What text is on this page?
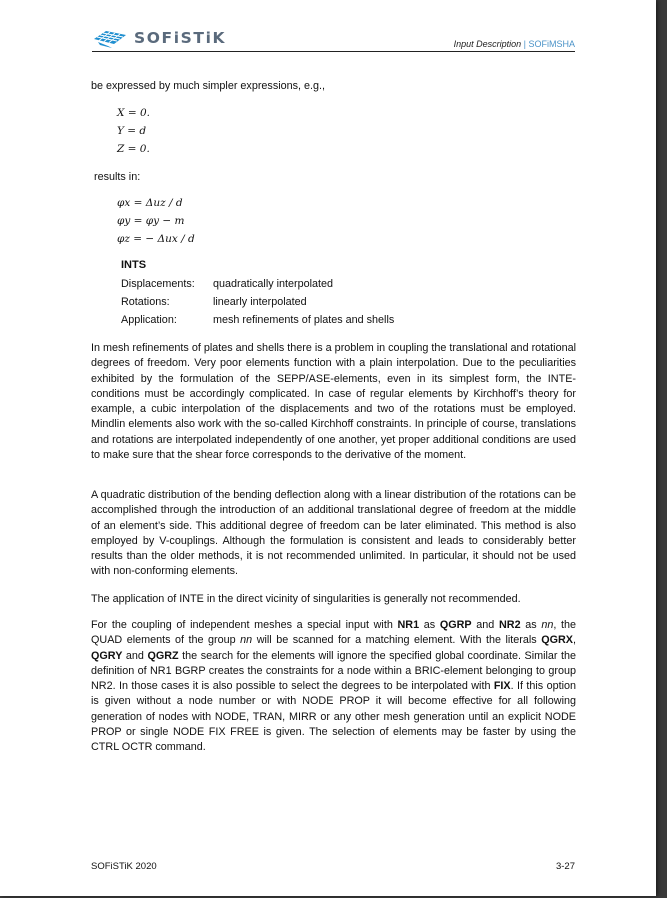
SOFiSTiK	Input Description | SOFiMSHA
be expressed by much simpler expressions, e.g.,
X = 0.
Y = d
Z = 0.
results in:
φx = Δuz / d
φy = φy − m
φz = − Δux / d
INTS
Displacements: quadratically interpolated
Rotations:	linearly interpolated
Application:	mesh refinements of plates and shells

In mesh refinements of plates and shells there is a problem in coupling the translational and rotational degrees of freedom. Very poor elements function with a plain interpolation. Due to the peculiarities exhibited by the formulation of the SEPP/ASE-elements, even in its simplest form, the INTE-conditions must be accordingly complicated. In case of regular elements by Kirchhoff’s theory for example, a cubic interpolation of the displacements and two of the rotations must be employed. Mindlin elements also work with the so-called Kirchhoff constraints. In principle of course, translations and rotations are interpolated independently of one another, yet proper additional conditions are used to make sure that the shear force corresponds to the derivative of the moment.

A quadratic distribution of the bending deflection along with a linear distribution of the rotations can be accomplished through the introduction of an additional translational degree of freedom at the middle of an element’s side. This additional degree of freedom can be later eliminated. This method is also employed by V-couplings. Although the formulation is consistent and leads to considerably better results than the older methods, it is not recommended unlimited. In particular, it should not be used with non-conforming elements.

The application of INTE in the direct vicinity of singularities is generally not recommended.

For the coupling of independent meshes a special input with NR1 as QGRP and NR2 as nn, the QUAD elements of the group nn will be scanned for a matching element. With the literals QGRX, QGRY and QGRZ the search for the elements will ignore the specified global coordinate. Similar the definition of NR1 BGRP creates the constraints for a node within a BRIC-element belonging to group NR2. In those cases it is also possible to select the degrees to be interpolated with FIX. If this option is given without a node number or with NODE PROP it will become effective for all following generation of nodes with NODE, TRAN, MIRR or any other mesh generation until an explicit NODE PROP or single NODE FIX FREE is given. The selection of elements may be faster by using the CTRL OCTR command.

SOFiSTiK 2020	3-27
